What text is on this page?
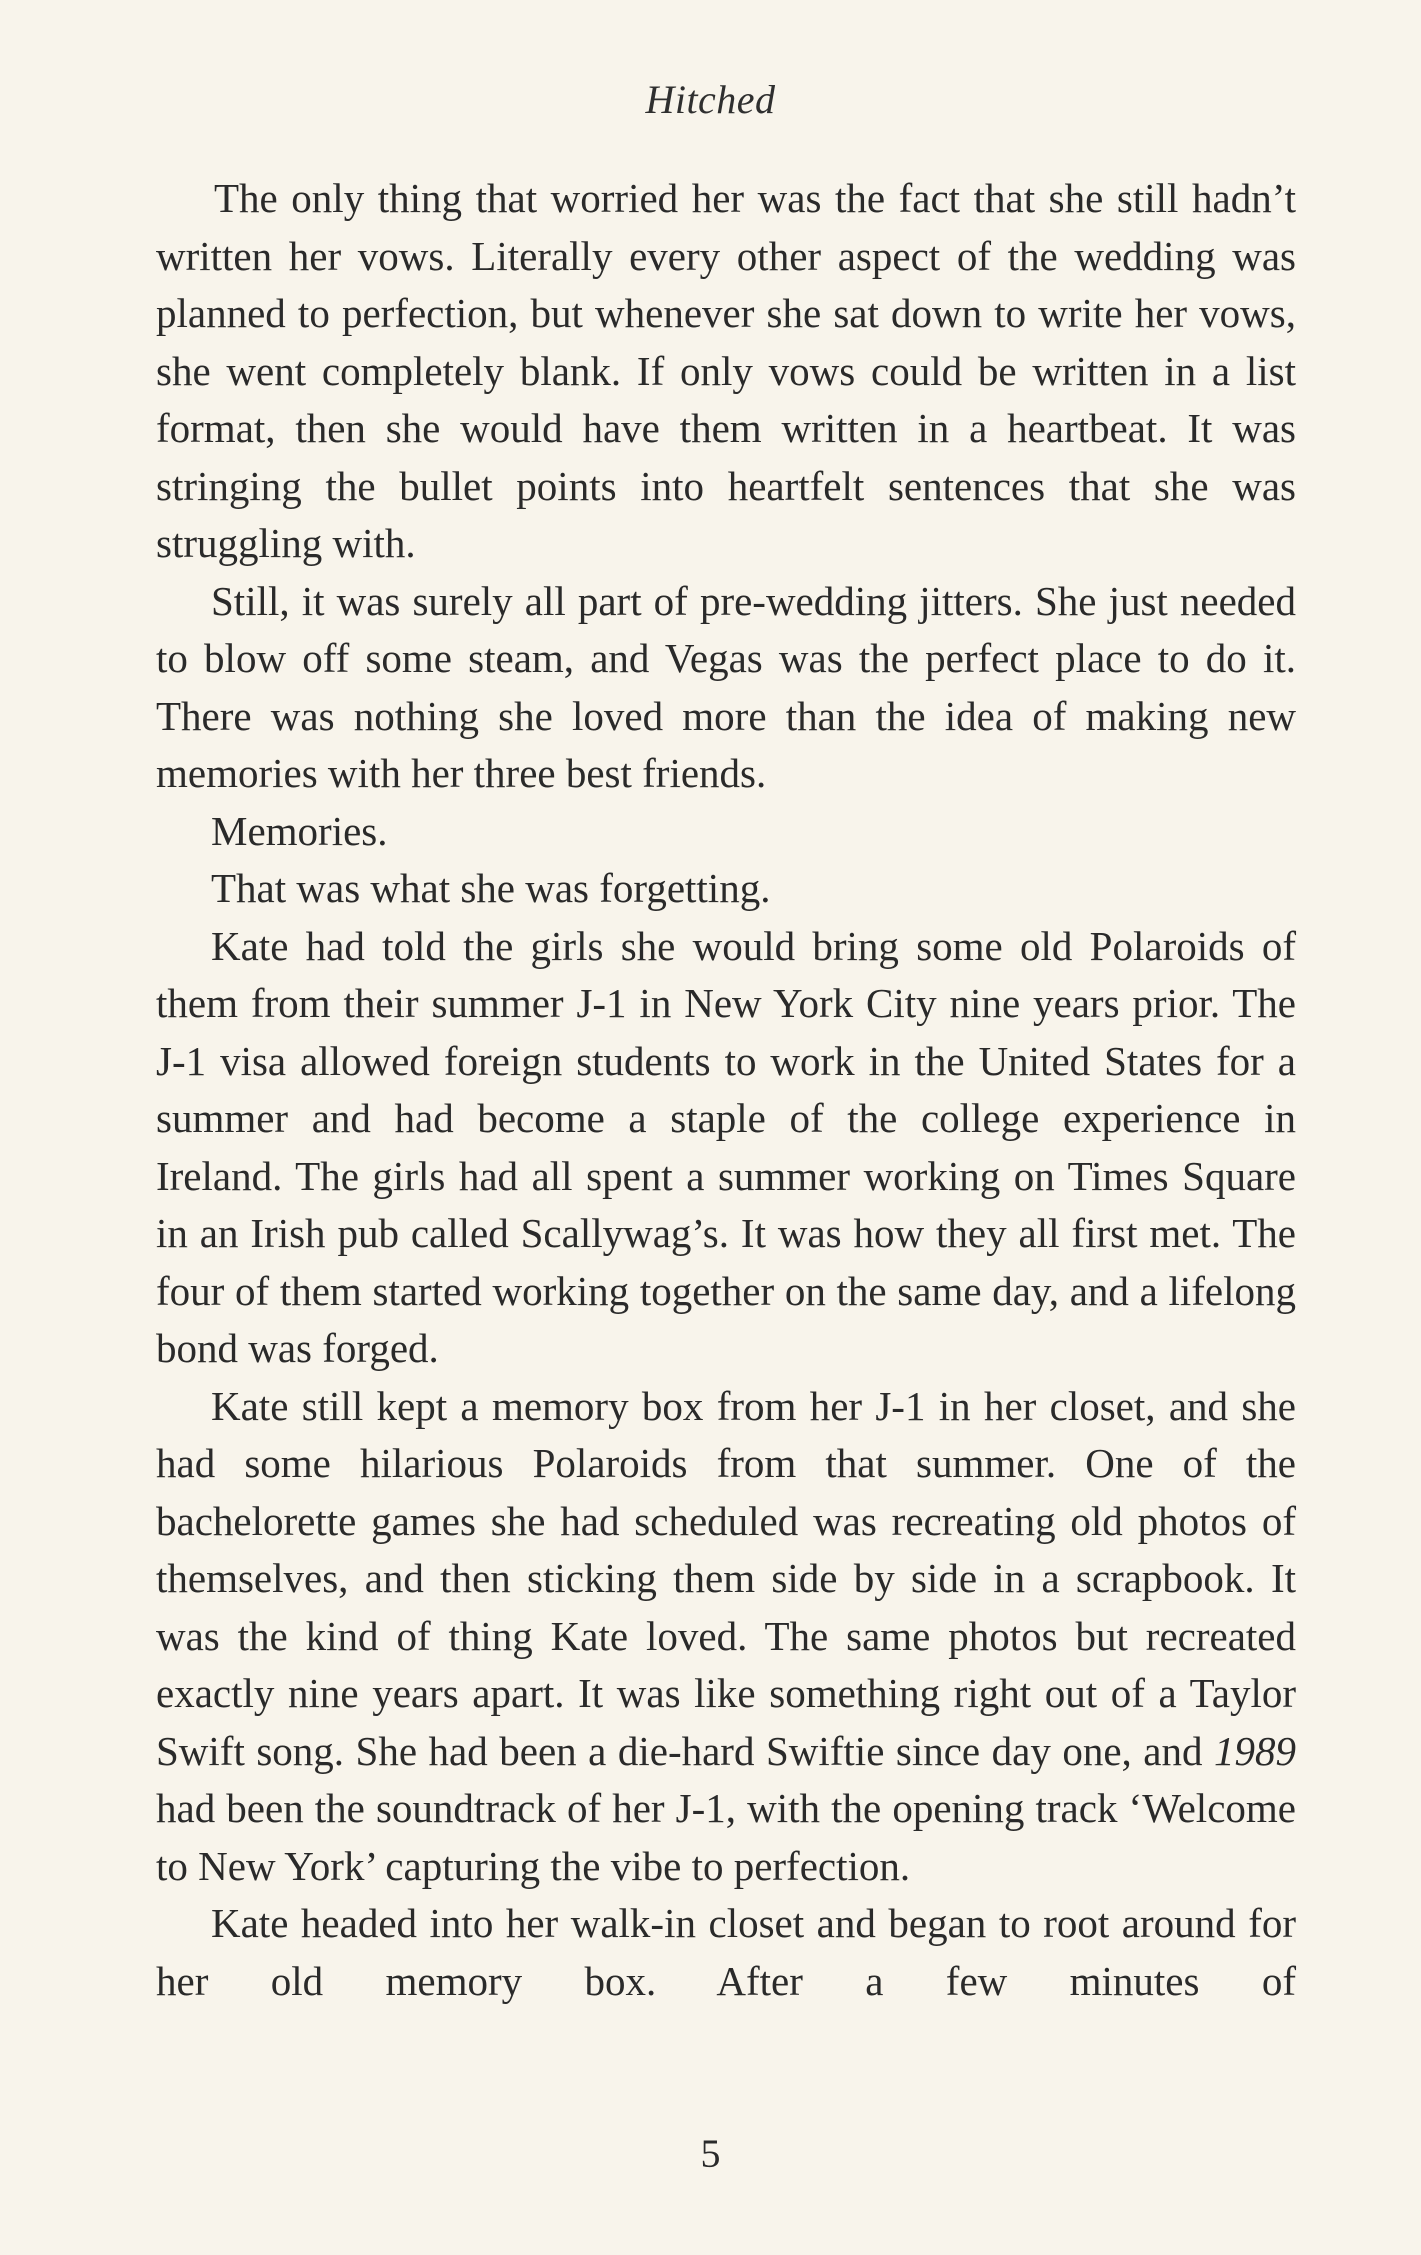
Hitched

The only thing that worried her was the fact that she still hadn’t written her vows. Literally every other aspect of the wedding was planned to perfection, but whenever she sat down to write her vows, she went completely blank. If only vows could be written in a list format, then she would have them written in a heartbeat. It was stringing the bullet points into heartfelt sentences that she was struggling with.

Still, it was surely all part of pre-wedding jitters. She just needed to blow off some steam, and Vegas was the perfect place to do it. There was nothing she loved more than the idea of making new memories with her three best friends.

Memories.

That was what she was forgetting.

Kate had told the girls she would bring some old Polaroids of them from their summer J-1 in New York City nine years prior. The J-1 visa allowed foreign students to work in the United States for a summer and had become a staple of the college experience in Ireland. The girls had all spent a summer working on Times Square in an Irish pub called Scallywag’s. It was how they all first met. The four of them started working together on the same day, and a lifelong bond was forged.

Kate still kept a memory box from her J-1 in her closet, and she had some hilarious Polaroids from that summer. One of the bachelorette games she had scheduled was recreating old photos of themselves, and then sticking them side by side in a scrapbook. It was the kind of thing Kate loved. The same photos but recreated exactly nine years apart. It was like something right out of a Taylor Swift song. She had been a die-hard Swiftie since day one, and 1989 had been the soundtrack of her J-1, with the opening track ‘Welcome to New York’ capturing the vibe to perfection.

Kate headed into her walk-in closet and began to root around for her old memory box. After a few minutes of

5
